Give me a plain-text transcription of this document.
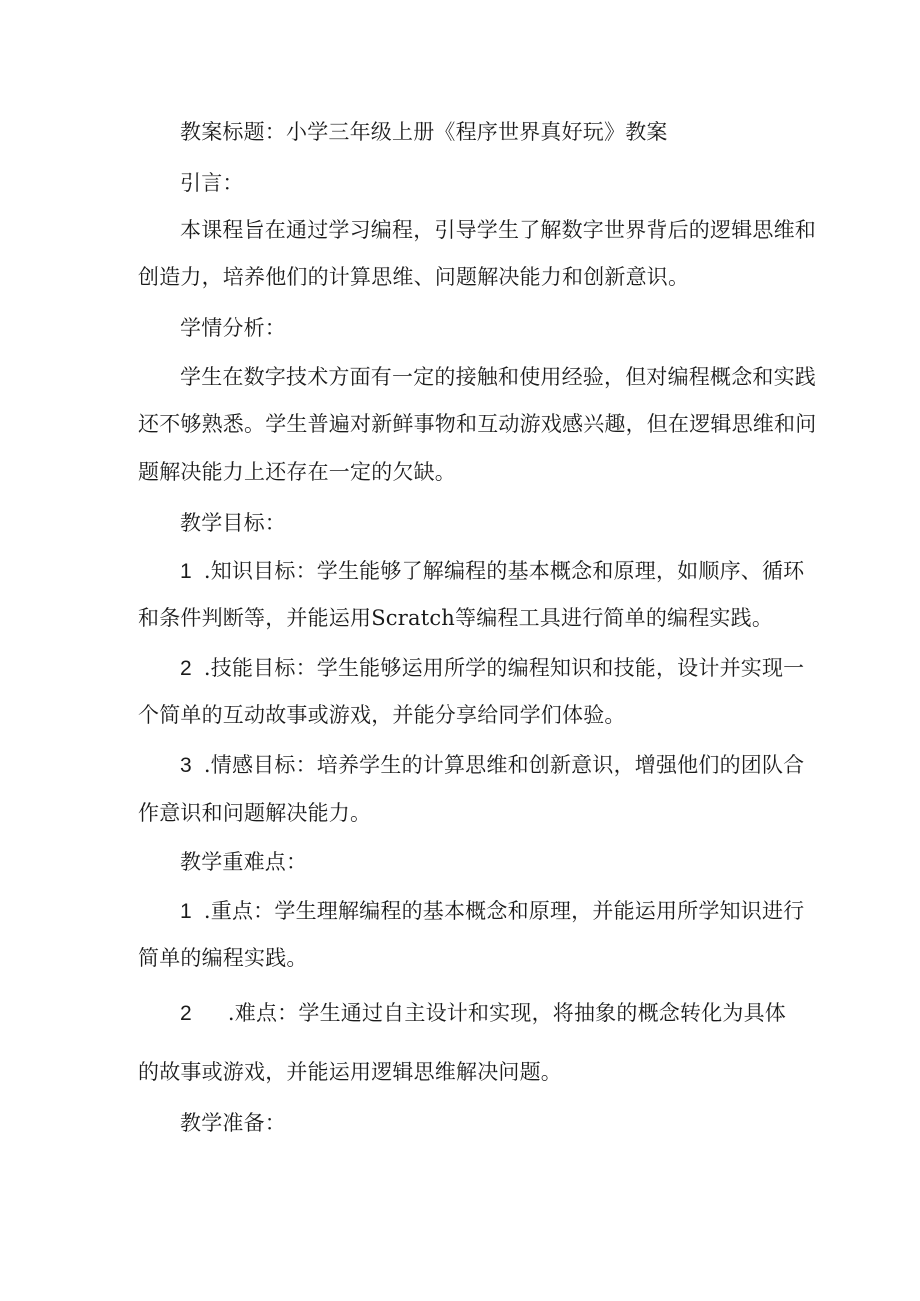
教案标题：小学三年级上册《程序世界真好玩》教案
引言：
本课程旨在通过学习编程，引导学生了解数字世界背后的逻辑思维和
创造力，培养他们的计算思维、问题解决能力和创新意识。
学情分析：
学生在数字技术方面有一定的接触和使用经验，但对编程概念和实践
还不够熟悉。学生普遍对新鲜事物和互动游戏感兴趣，但在逻辑思维和问
题解决能力上还存在一定的欠缺。
教学目标：
1 .知识目标：学生能够了解编程的基本概念和原理，如顺序、循环
和条件判断等，并能运用Scratch等编程工具进行简单的编程实践。
2 .技能目标：学生能够运用所学的编程知识和技能，设计并实现一
个简单的互动故事或游戏，并能分享给同学们体验。
3 .情感目标：培养学生的计算思维和创新意识，增强他们的团队合
作意识和问题解决能力。
教学重难点：
1 .重点：学生理解编程的基本概念和原理，并能运用所学知识进行
简单的编程实践。
2 .难点：学生通过自主设计和实现，将抽象的概念转化为具体
的故事或游戏，并能运用逻辑思维解决问题。
教学准备：
